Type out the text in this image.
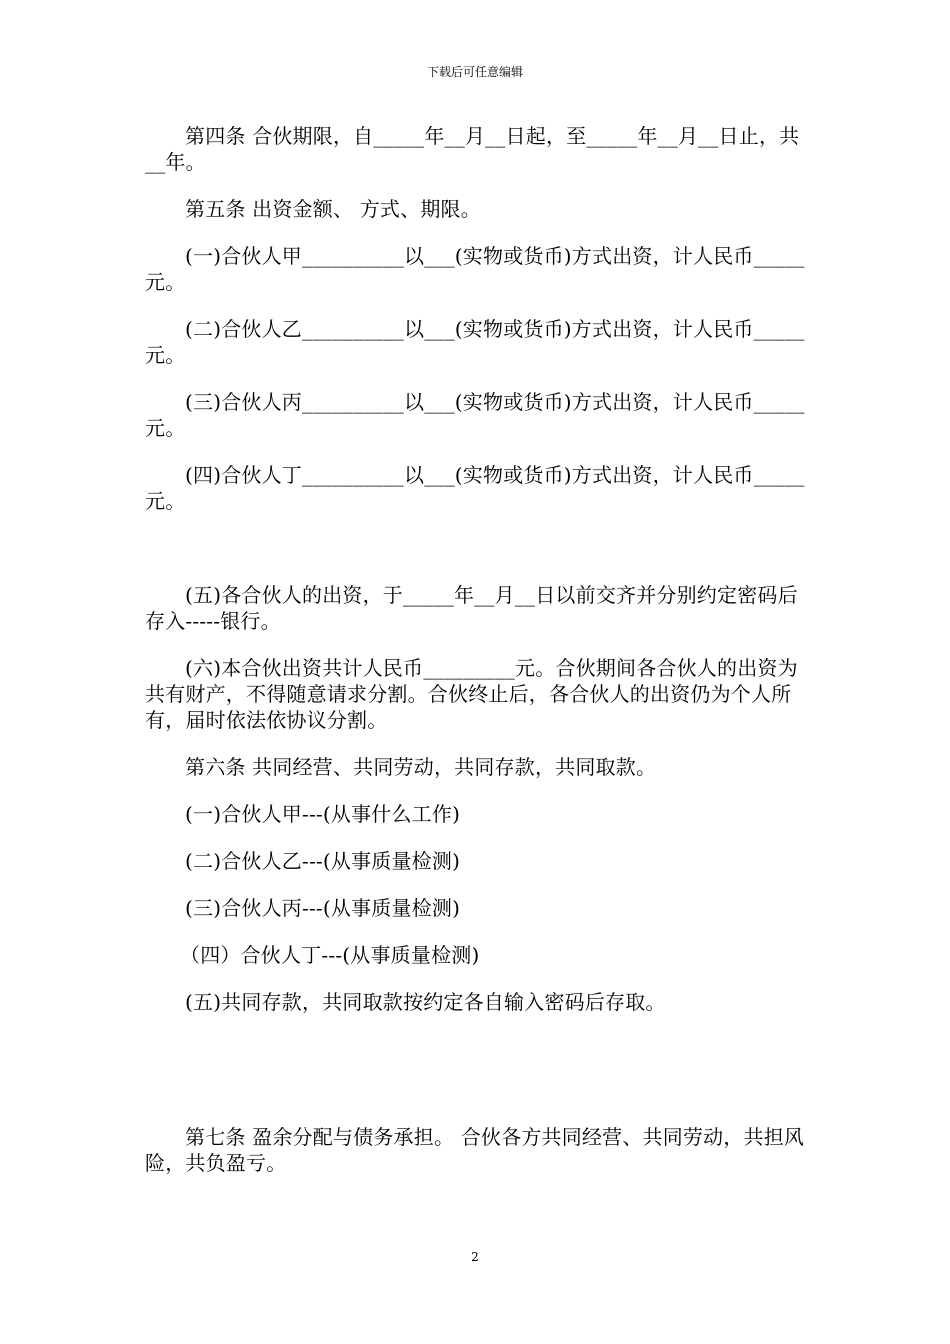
下载后可任意编辑

第四条 合伙期限，自_____年__月__日起，至_____年__月__日止，共__年。

第五条 出资金额、 方式、期限。

(一)合伙人甲__________以___(实物或货币)方式出资，计人民币_____元。

(二)合伙人乙__________以___(实物或货币)方式出资，计人民币_____元。

(三)合伙人丙__________以___(实物或货币)方式出资，计人民币_____元。

(四)合伙人丁__________以___(实物或货币)方式出资，计人民币_____元。

(五)各合伙人的出资，于_____年__月__日以前交齐并分别约定密码后存入-----银行。

(六)本合伙出资共计人民币_________元。合伙期间各合伙人的出资为共有财产，不得随意请求分割。合伙终止后，各合伙人的出资仍为个人所有，届时依法依协议分割。

第六条 共同经营、共同劳动，共同存款，共同取款。

(一)合伙人甲---(从事什么工作)

(二)合伙人乙---(从事质量检测)

(三)合伙人丙---(从事质量检测)

（四）合伙人丁---(从事质量检测)

(五)共同存款，共同取款按约定各自输入密码后存取。

第七条 盈余分配与债务承担。 合伙各方共同经营、共同劳动，共担风险，共负盈亏。

2
